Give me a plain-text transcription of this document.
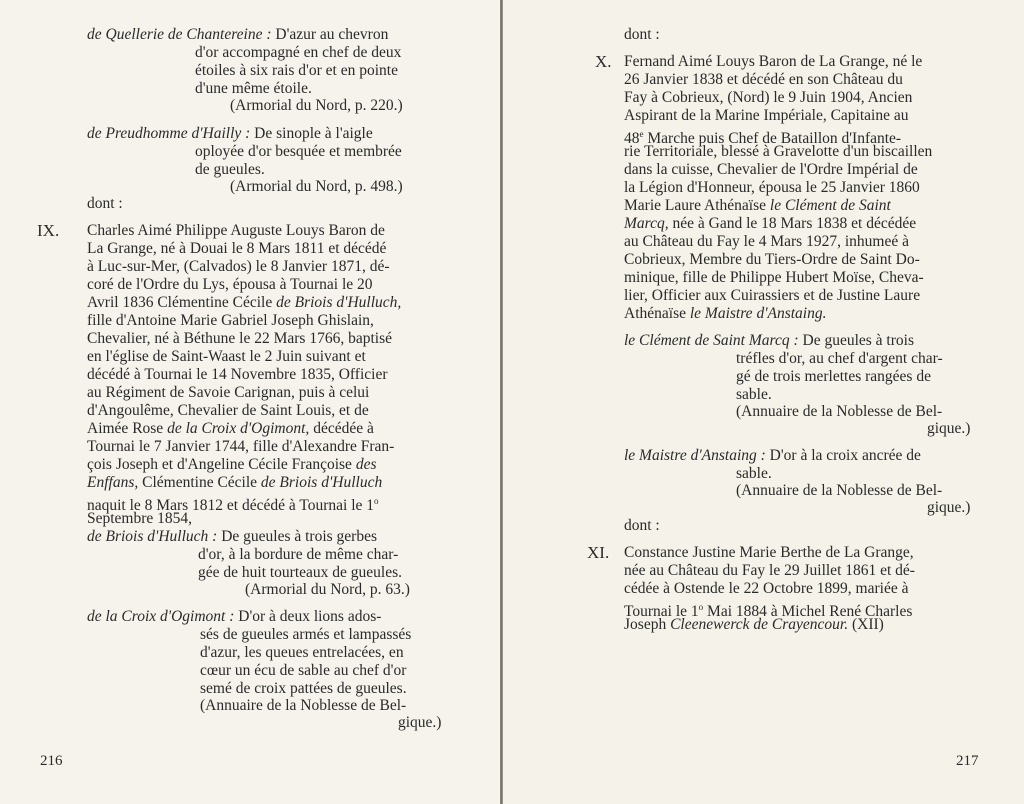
de Quellerie de Chantereine : D'azur au chevron
d'or accompagné en chef de deux
étoiles à six rais d'or et en pointe
d'une même étoile.
(Armorial du Nord, p. 220.)
de Preudhomme d'Hailly : De sinople à l'aigle
oployée d'or besquée et membrée
de gueules.
(Armorial du Nord, p. 498.)
dont :
IX. Charles Aimé Philippe Auguste Louys Baron de
La Grange, né à Douai le 8 Mars 1811 et décédé
à Luc-sur-Mer, (Calvados) le 8 Janvier 1871, dé-
coré de l'Ordre du Lys, épousa à Tournai le 20
Avril 1836 Clémentine Cécile de Briois d'Hulluch,
fille d'Antoine Marie Gabriel Joseph Ghislain,
Chevalier, né à Béthune le 22 Mars 1766, baptisé
en l'église de Saint-Waast le 2 Juin suivant et
décédé à Tournai le 14 Novembre 1835, Officier
au Régiment de Savoie Carignan, puis à celui
d'Angoulême, Chevalier de Saint Louis, et de
Aimée Rose de la Croix d'Ogimont, décédée à
Tournai le 7 Janvier 1744, fille d'Alexandre Fran-
çois Joseph et d'Angeline Cécile Françoise des
Enffans, Clémentine Cécile de Briois d'Hulluch
naquit le 8 Mars 1812 et décédé à Tournai le 1$^o$
Septembre 1854,
de Briois d'Hulluch : De gueules à trois gerbes
d'or, à la bordure de même char-
gée de huit tourteaux de gueules.
(Armorial du Nord, p. 63.)
de la Croix d'Ogimont : D'or à deux lions ados-
sés de gueules armés et lampassés
d'azur, les queues entrelacées, en
cœur un écu de sable au chef d'or
semé de croix pattées de gueules.
(Annuaire de la Noblesse de Bel-
gique.)
216
dont :
X. Fernand Aimé Louys Baron de La Grange, né le
26 Janvier 1838 et décédé en son Château du
Fay à Cobrieux, (Nord) le 9 Juin 1904, Ancien
Aspirant de la Marine Impériale, Capitaine au
48e Marche puis Chef de Bataillon d'Infante-
rie Territoriale, blessé à Gravelotte d'un biscaillen
dans la cuisse, Chevalier de l'Ordre Impérial de
la Légion d'Honneur, épousa le 25 Janvier 1860
Marie Laure Athénaïse le Clément de Saint
Marcq, née à Gand le 18 Mars 1838 et décédée
au Château du Fay le 4 Mars 1927, inhumeé à
Cobrieux, Membre du Tiers-Ordre de Saint Do-
minique, fille de Philippe Hubert Moïse, Cheva-
lier, Officier aux Cuirassiers et de Justine Laure
Athénaïse le Maistre d'Anstaing.
le Clément de Saint Marcq : De gueules à trois
tréfles d'or, au chef d'argent char-
gé de trois merlettes rangées de
sable.
(Annuaire de la Noblesse de Bel-
gique.)
le Maistre d'Anstaing : D'or à la croix ancrée de
sable.
(Annuaire de la Noblesse de Bel-
gique.)
dont :
XI. Constance Justine Marie Berthe de La Grange,
née au Château du Fay le 29 Juillet 1861 et dé-
cédée à Ostende le 22 Octobre 1899, mariée à
Tournai le 1$^o$ Mai 1884 à Michel René Charles
Joseph Cleenewerck de Crayencour. (XII)
217
